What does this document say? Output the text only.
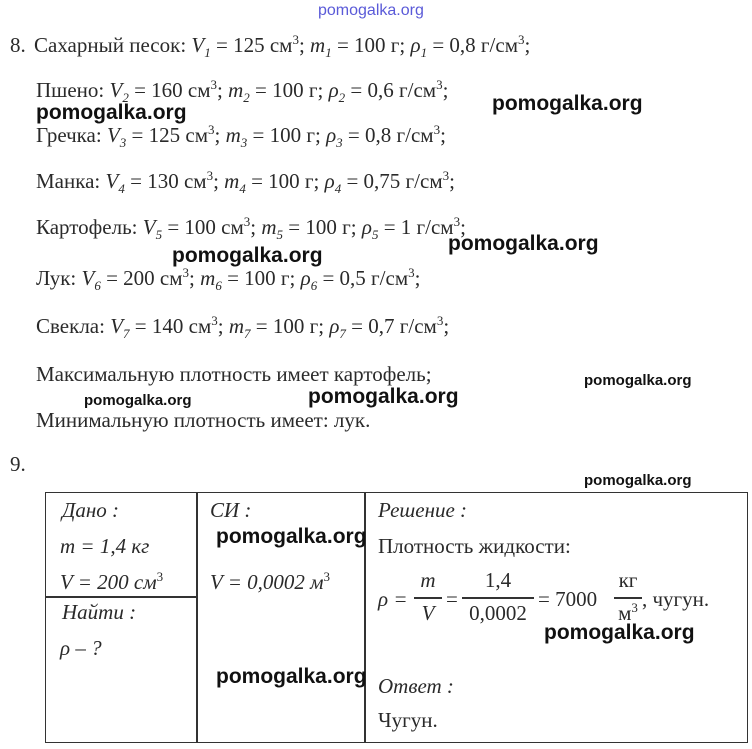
pomogalka.org
8. Сахарный песок: $V_1 = 125$ $см^3$; $m_1 = 100$ г; $\rho_1 = 0,8$ $г/см^3$;
Пшено: $V_2 = 160$ $см^3$; $m_2 = 100$ г; $\rho_2 = 0,6$ $г/см^3$;
Гречка: $V_3 = 125$ $см^3$; $m_3 = 100$ г; $\rho_3 = 0,8$ $г/см^3$;
Манка: $V_4 = 130$ $см^3$; $m_4 = 100$ г; $\rho_4 = 0,75$ $г/см^3$;
Картофель: $V_5 = 100$ $см^3$; $m_5 = 100$ г; $\rho_5 = 1$ $г/см^3$;
Лук: $V_6 = 200$ $см^3$; $m_6 = 100$ г; $\rho_6 = 0,5$ $г/см^3$;
Свекла: $V_7 = 140$ $см^3$; $m_7 = 100$ г; $\rho_7 = 0,7$ $г/см^3$;
Максимальную плотность имеет картофель;
Минимальную плотность имеет: лук.
9.
Дано :
m = 1,4 кг
V = 200 $см^3$
Найти :
ρ – ?
СИ :
V = 0,0002 $м^3$
Решение :
Плотность жидкости:
ρ =
m
V
=
1,4
0,0002
= 7000
кг
$м^3$ , чугун.
Ответ :
Чугун.
pomogalka.org	pomogalka.org
pomogalka.org
pomogalka.org
pomogalka.org
pomogalka.org
pomogalka.org
pomogalka.org
pomogalka.org
pomogalka.org
pomogalka.org
